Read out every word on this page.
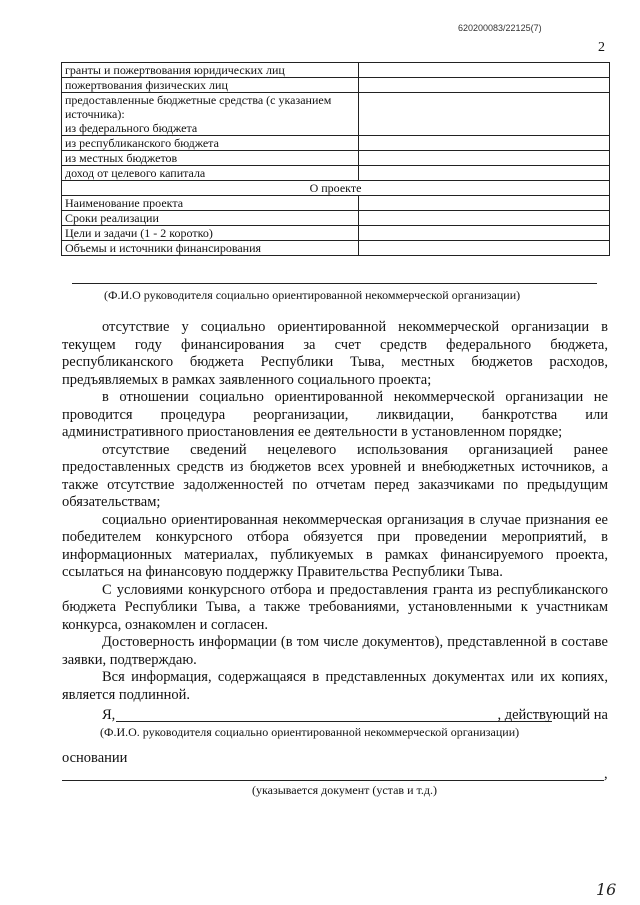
620200083/22125(7)
2
гранты и пожертвования юридических лиц	
пожертвования физических лиц	
предоставленные бюджетные средства (с указанием источника):
из федерального бюджета	
из республиканского бюджета	
из местных бюджетов	
доход от целевого капитала	
О проекте	
Наименование проекта	
Сроки реализации	
Цели и задачи (1 - 2 коротко)	
Объемы и источники финансирования	
(Ф.И.О руководителя социально ориентированной некоммерческой организации)

отсутствие у социально ориентированной некоммерческой организации в текущем году финансирования за счет средств федерального бюджета, республиканского бюджета Республики Тыва, местных бюджетов расходов, предъявляемых в рамках заявленного социального проекта;

в отношении социально ориентированной некоммерческой организации не проводится процедура реорганизации, ликвидации, банкротства или административного приостановления ее деятельности в установленном порядке;

отсутствие сведений нецелевого использования организацией ранее предоставленных средств из бюджетов всех уровней и внебюджетных источников, а также отсутствие задолженностей по отчетам перед заказчиками по предыдущим обязательствам;

социально ориентированная некоммерческая организация в случае признания ее победителем конкурсного отбора обязуется при проведении мероприятий, в информационных материалах, публикуемых в рамках финансируемого проекта, ссылаться на финансовую поддержку Правительства Республики Тыва.

С условиями конкурсного отбора и предоставления гранта из республиканского бюджета Республики Тыва, а также требованиями, установленными к участникам конкурса, ознакомлен и согласен.

Достоверность информации (в том числе документов), представленной в составе заявки, подтверждаю.

Вся информация, содержащаяся в представленных документах или их копиях, является подлинной.

Я,	, действующий на
(Ф.И.О. руководителя социально ориентированной некоммерческой организации)
основании
,
(указывается документ (устав и т.д.)
16
